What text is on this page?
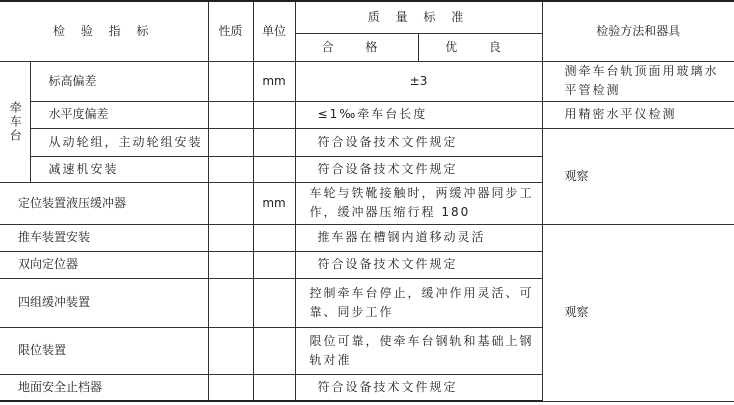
检 验 指 标		性质	单位	质 量 标 准		检验方法和器具
				合 格	优 良	
牵车台	标高偏差		mm	±3		测牵车台轨顶面用玻璃水平管检测
	水平度偏差			≤1‰牵车台长度		用精密水平仪检测
	从动轮组，主动轮组安装			符合设备技术文件规定		观察
	减速机安装			符合设备技术文件规定		
定位装置液压缓冲器			mm	车轮与铁靴接触时，两缓冲器同步工作，缓冲器压缩行程 180		
推车装置安装				推车器在槽钢内道移动灵活		观察
双向定位器				符合设备技术文件规定		
四组缓冲装置				控制牵车台停止，缓冲作用灵活、可靠、同步工作		
限位装置				限位可靠，使牵车台钢轨和基础上钢轨对准		
地面安全止档器				符合设备技术文件规定		
